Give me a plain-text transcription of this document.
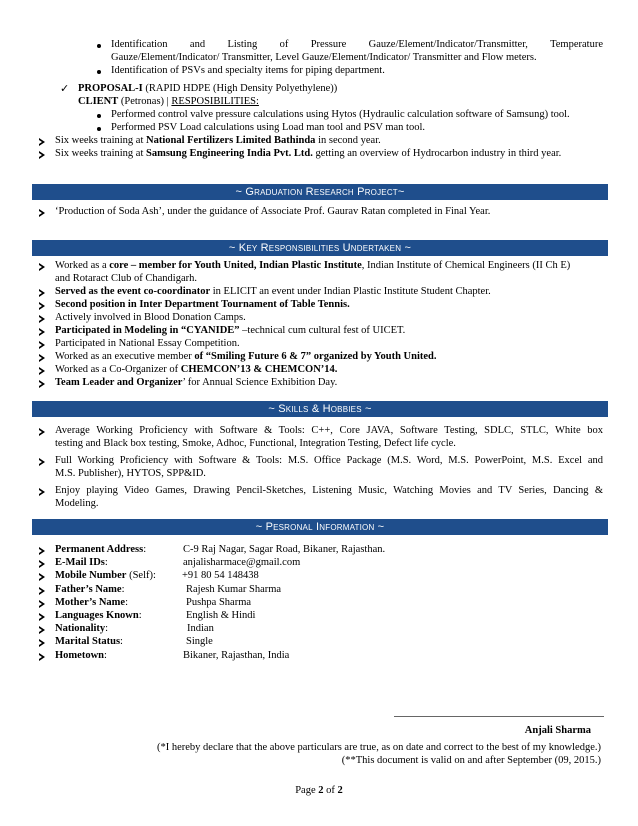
Identification and Listing of Pressure Gauze/Element/Indicator/Transmitter, Temperature
Gauze/Element/Indicator/ Transmitter, Level Gauze/Element/Indicator/ Transmitter and Flow meters.
Identification of PSVs and specialty items for piping department.
✓ PROPOSAL-I (RAPID HDPE (High Density Polyethylene))
CLIENT (Petronas) | RESPOSIBILITIES:
Performed control valve pressure calculations using Hytos (Hydraulic calculation software of Samsung) tool.
Performed PSV Load calculations using Load man tool and PSV man tool.
Six weeks training at National Fertilizers Limited Bathinda in second year.
Six weeks training at Samsung Engineering India Pvt. Ltd. getting an overview of Hydrocarbon industry in third year.
~ Graduation Research Project~
‘Production of Soda Ash’, under the guidance of Associate Prof. Gaurav Ratan completed in Final Year.
~ Key Responsibilities Undertaken ~
Worked as a core – member for Youth United, Indian Plastic Institute, Indian Institute of Chemical Engineers (II Ch E)
and Rotaract Club of Chandigarh.
Served as the event co-coordinator in ELICIT an event under Indian Plastic Institute Student Chapter.
Second position in Inter Department Tournament of Table Tennis.
Actively involved in Blood Donation Camps.
Participated in Modeling in “CYANIDE” –technical cum cultural fest of UICET.
Participated in National Essay Competition.
Worked as an executive member of “Smiling Future 6 & 7” organized by Youth United.
Worked as a Co-Organizer of CHEMCON’13 & CHEMCON’14.
Team Leader and Organizer’ for Annual Science Exhibition Day.
~ Skills & Hobbies ~
Average Working Proficiency with Software & Tools: C++, Core JAVA, Software Testing, SDLC, STLC, White box
testing and Black box testing, Smoke, Adhoc, Functional, Integration Testing, Defect life cycle.
Full Working Proficiency with Software & Tools: M.S. Office Package (M.S. Word, M.S. PowerPoint, M.S. Excel and
M.S. Publisher), HYTOS, SPP&ID.
Enjoy playing Video Games, Drawing Pencil-Sketches, Listening Music, Watching Movies and TV Series, Dancing &
Modeling.
~ Pesronal Information ~
Permanent Address:	C-9 Raj Nagar, Sagar Road, Bikaner, Rajasthan.
E-Mail IDs:	anjalisharmace@gmail.com
Mobile Number (Self): +91 80 54 148438
Father’s Name:	Rajesh Kumar Sharma
Mother’s Name:	Pushpa Sharma
Languages Known:	English & Hindi
Nationality:	Indian
Marital Status:	Single
Hometown:	Bikaner, Rajasthan, India
Anjali Sharma
(*I hereby declare that the above particulars are true, as on date and correct to the best of my knowledge.)
(**This document is valid on and after September (09, 2015.)
Page 2 of 2
